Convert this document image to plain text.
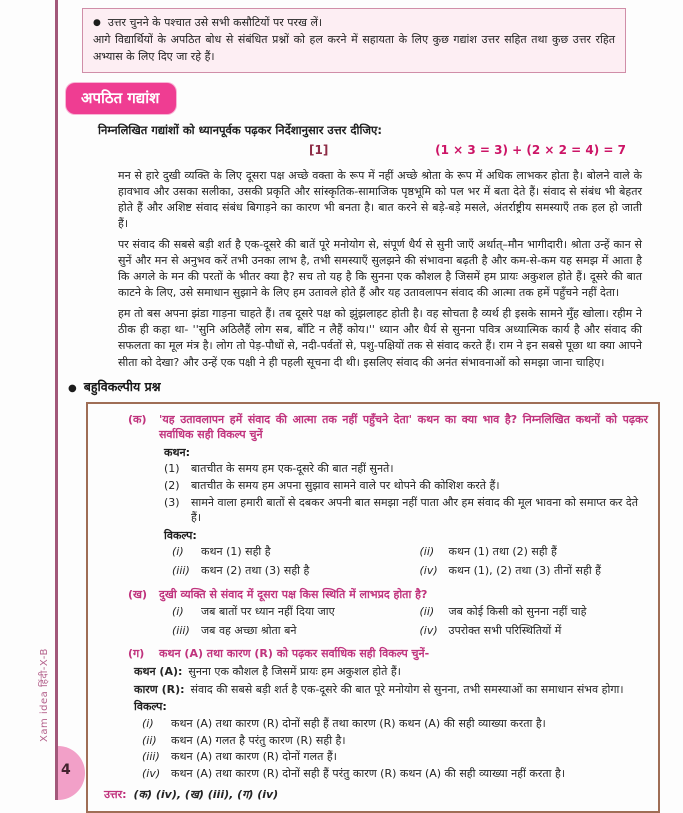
Xam idea हिंदी-X-B
4
● उत्तर चुनने के पश्चात उसे सभी कसौटियों पर परख लें।
आगे विद्यार्थियों के अपठित बोध से संबंधित प्रश्नों को हल करने में सहायता के लिए कुछ गद्यांश उत्तर सहित तथा कुछ उत्तर रहित अभ्यास के लिए दिए जा रहे हैं।
अपठित गद्यांश
निम्नलिखित गद्यांशों को ध्यानपूर्वक पढ़कर निर्देशानुसार उत्तर दीजिए:
[1]	(1 × 3 = 3) + (2 × 2 = 4) = 7
मन से हारे दुखी व्यक्ति के लिए दूसरा पक्ष अच्छे वक्ता के रूप में नहीं अच्छे श्रोता के रूप में अधिक लाभकर होता है। बोलने वाले के हावभाव और उसका सलीका, उसकी प्रकृति और सांस्कृतिक-सामाजिक पृष्ठभूमि को पल भर में बता देते हैं। संवाद से संबंध भी बेहतर होते हैं और अशिष्ट संवाद संबंध बिगाड़ने का कारण भी बनता है। बात करने से बड़े-बड़े मसले, अंतर्राष्ट्रीय समस्याएँ तक हल हो जाती हैं।
पर संवाद की सबसे बड़ी शर्त है एक-दूसरे की बातें पूरे मनोयोग से, संपूर्ण धैर्य से सुनी जाएँ अर्थात्–मौन भागीदारी। श्रोता उन्हें कान से सुनें और मन से अनुभव करें तभी उनका लाभ है, तभी समस्याएँ सुलझने की संभावना बढ़ती है और कम-से-कम यह समझ में आता है कि अगले के मन की परतों के भीतर क्या है? सच तो यह है कि सुनना एक कौशल है जिसमें हम प्रायः अकुशल होते हैं। दूसरे की बात काटने के लिए, उसे समाधान सुझाने के लिए हम उतावले होते हैं और यह उतावलापन संवाद की आत्मा तक हमें पहुँचने नहीं देता।
हम तो बस अपना झंडा गाड़ना चाहते हैं। तब दूसरे पक्ष को झुंझलाहट होती है। वह सोचता है व्यर्थ ही इसके सामने मुँह खोला। रहीम ने ठीक ही कहा था- ''सुनि अठिलैहैं लोग सब, बाँटि न लैहैं कोय।'' ध्यान और धैर्य से सुनना पवित्र अध्यात्मिक कार्य है और संवाद की सफलता का मूल मंत्र है। लोग तो पेड़-पौधों से, नदी-पर्वतों से, पशु-पक्षियों तक से संवाद करते हैं। राम ने इन सबसे पूछा था क्या आपने सीता को देखा? और उन्हें एक पक्षी ने ही पहली सूचना दी थी। इसलिए संवाद की अनंत संभावनाओं को समझा जाना चाहिए।
● बहुविकल्पीय प्रश्न
(क)	'यह उतावलापन हमें संवाद की आत्मा तक नहीं पहुँचने देता' कथन का क्या भाव है? निम्नलिखित कथनों को पढ़कर सर्वाधिक सही विकल्प चुनें
कथन:
(1)	बातचीत के समय हम एक-दूसरे की बात नहीं सुनते।
(2)	बातचीत के समय हम अपना सुझाव सामने वाले पर थोपने की कोशिश करते हैं।
(3)	सामने वाला हमारी बातों से दबकर अपनी बात समझा नहीं पाता और हम संवाद की मूल भावना को समाप्त कर देते हैं।
विकल्प:
(i)	कथन (1) सही है	(ii)	कथन (1) तथा (2) सही हैं
(iii)	कथन (2) तथा (3) सही है	(iv) कथन (1), (2) तथा (3) तीनों सही हैं
(ख)	दुखी व्यक्ति से संवाद में दूसरा पक्ष किस स्थिति में लाभप्रद होता है?
(i)	जब बातों पर ध्यान नहीं दिया जाए	(ii)	जब कोई किसी को सुनना नहीं चाहे
(iii)	जब वह अच्छा श्रोता बने	(iv) उपरोक्त सभी परिस्थितियों में
(ग)	कथन (A) तथा कारण (R) को पढ़कर सर्वाधिक सही विकल्प चुनें-
कथन (A): सुनना एक कौशल है जिसमें प्रायः हम अकुशल होते हैं।
कारण (R): संवाद की सबसे बड़ी शर्त है एक-दूसरे की बात पूरे मनोयोग से सुनना, तभी समस्याओं का समाधान संभव होगा।
विकल्प:
(i)	कथन (A) तथा कारण (R) दोनों सही हैं तथा कारण (R) कथन (A) की सही व्याख्या करता है।
(ii)	कथन (A) गलत है परंतु कारण (R) सही है।
(iii)	कथन (A) तथा कारण (R) दोनों गलत हैं।
(iv) कथन (A) तथा कारण (R) दोनों सही हैं परंतु कारण (R) कथन (A) की सही व्याख्या नहीं करता है।
उत्तर: (क) (iv), (ख) (iii), (ग) (iv)
